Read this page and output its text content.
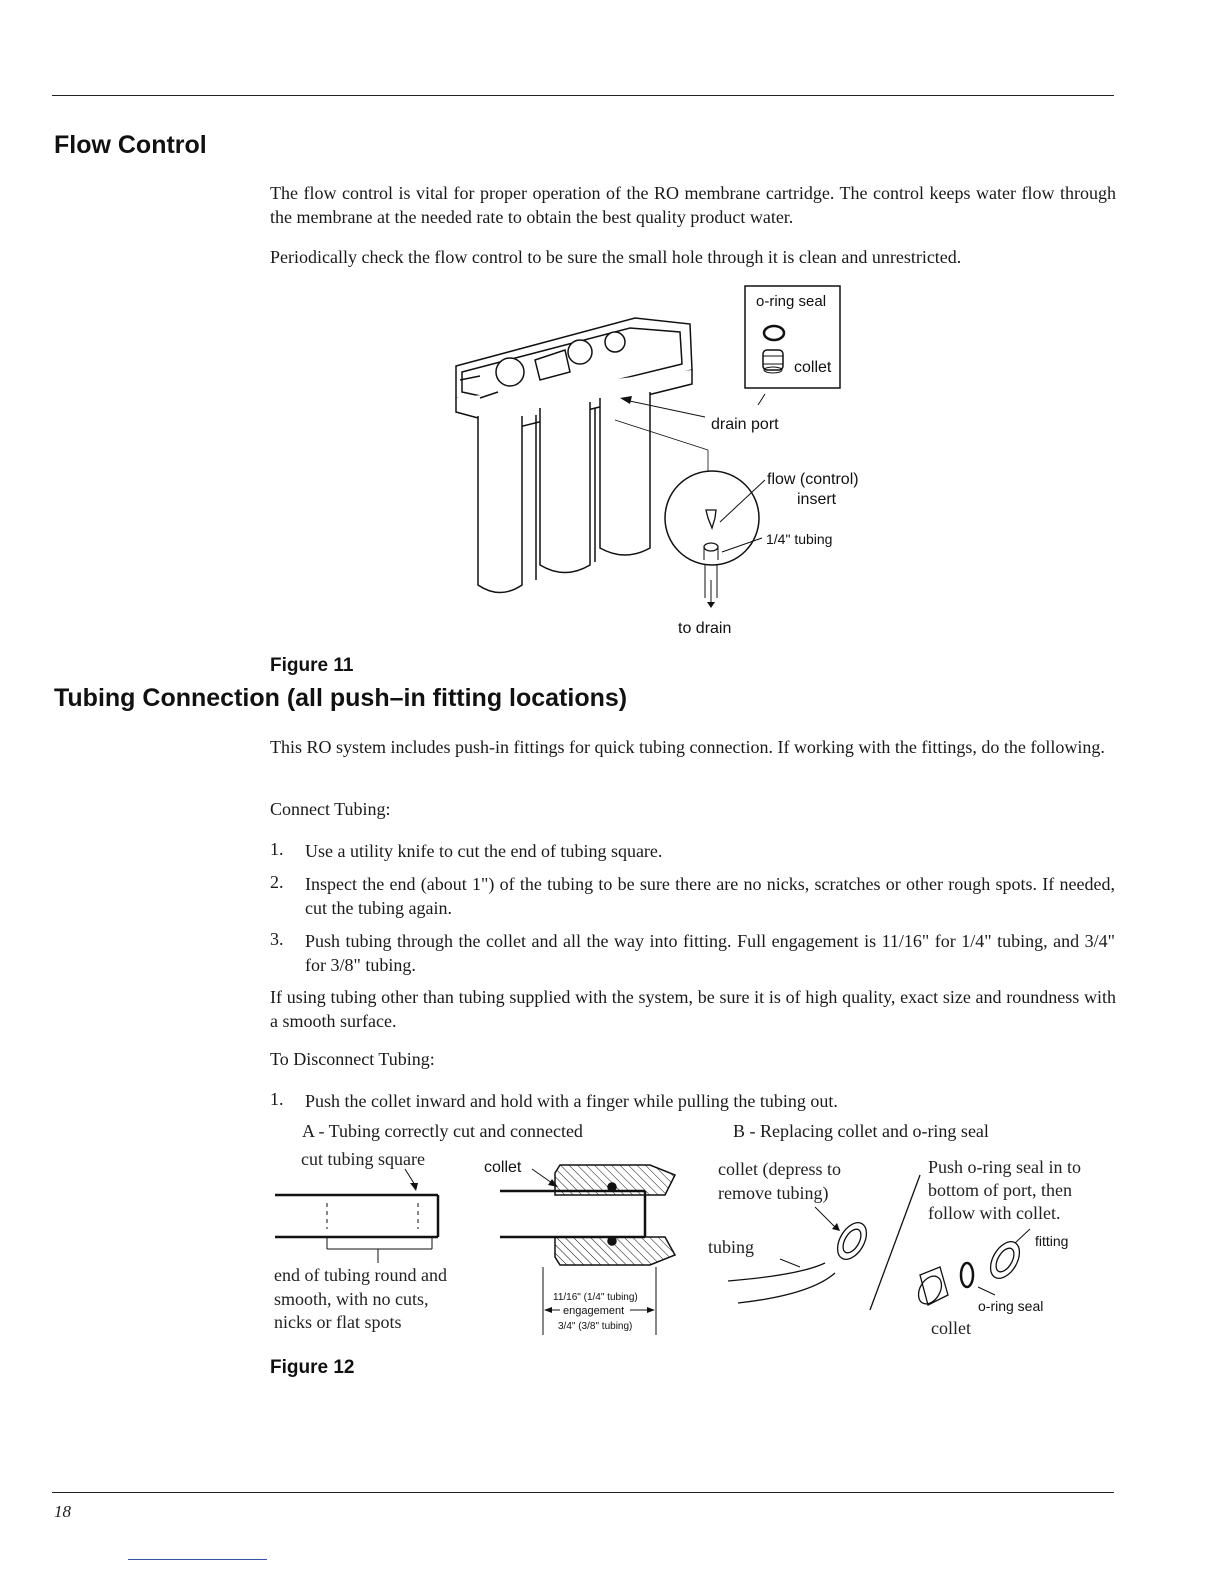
Flow Control
The flow control is vital for proper operation of the RO membrane cartridge. The control keeps water flow through the membrane at the needed rate to obtain the best quality product water.
Periodically check the flow control to be sure the small hole through it is clean and unrestricted.
o-ring seal
collet
drain port
flow (control)
insert
1/4" tubing
to drain
Figure 11
Tubing Connection (all push–in fitting locations)
This RO system includes push-in fittings for quick tubing connection. If working with the fittings, do the following.
Connect Tubing:
1. Use a utility knife to cut the end of tubing square.
2. Inspect the end (about 1") of the tubing to be sure there are no nicks, scratches or other rough spots. If needed, cut the tubing again.
3. Push tubing through the collet and all the way into fitting. Full engagement is 11/16" for 1/4" tubing, and 3/4" for 3/8" tubing.
If using tubing other than tubing supplied with the system, be sure it is of high quality, exact size and roundness with a smooth surface.
To Disconnect Tubing:
1. Push the collet inward and hold with a finger while pulling the tubing out.
A - Tubing correctly cut and connected	B - Replacing collet and o-ring seal
cut tubing square
end of tubing round and
smooth, with no cuts,
nicks or flat spots
collet
11/16" (1/4" tubing)
engagement
3/4" (3/8" tubing)
collet (depress to
remove tubing)
tubing
Push o-ring seal in to
bottom of port, then
follow with collet.
fitting
o-ring seal
collet
Figure 12
18
